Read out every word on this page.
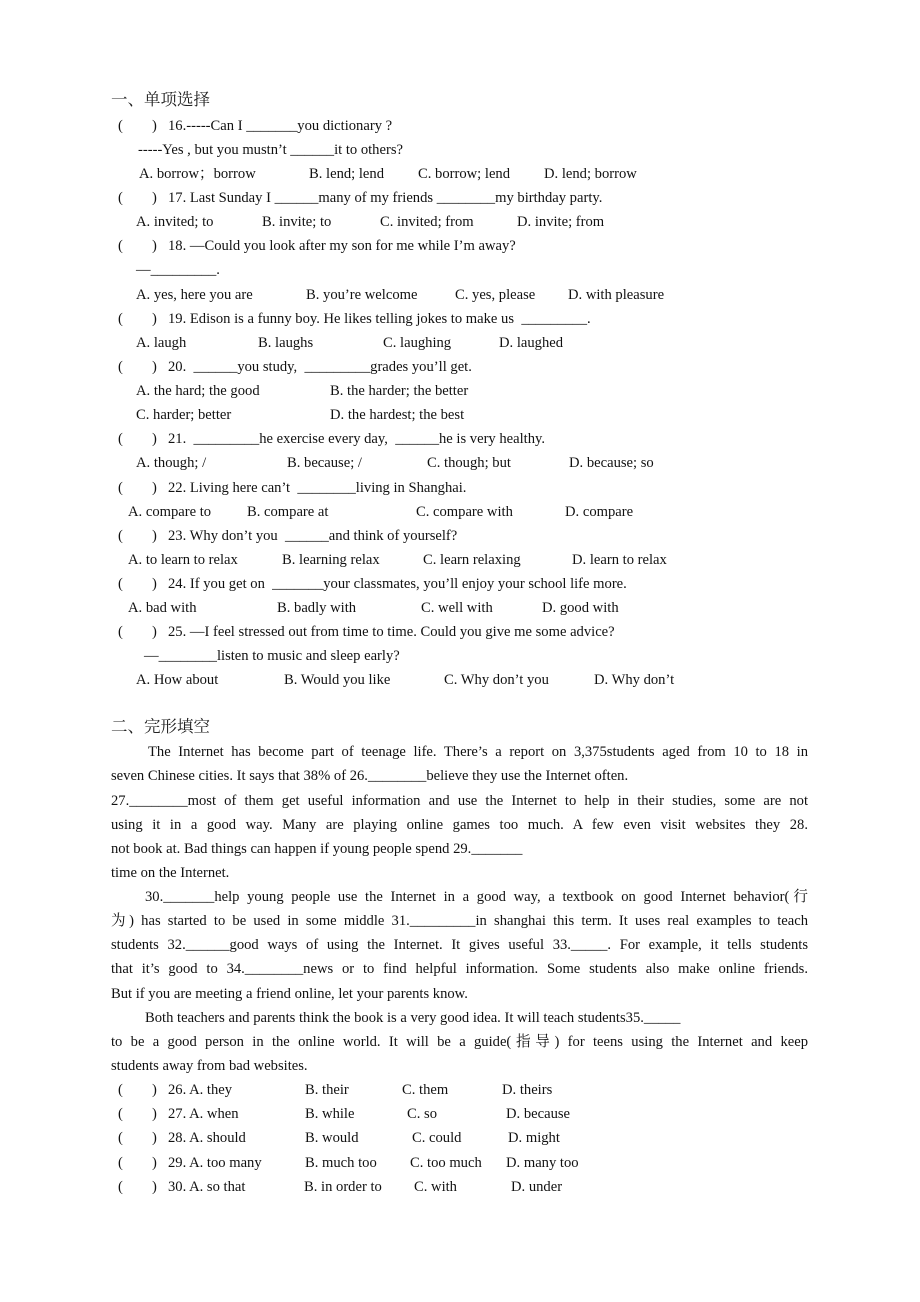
一、单项选择
( ) 16.-----Can I _______you dictionary ?
-----Yes , but you mustn’t ______it to others?
A. borrow；borrow	B. lend; lend C. borrow; lend D. lend; borrow
( ) 17. Last Sunday I ______many of my friends ________my birthday party.
A. invited; to	B. invite; to	C. invited; from	D. invite; from
( ) 18. —Could you look after my son for me while I’m away?
—_________.
A. yes, here you are	B. you’re welcome	C. yes, please D. with pleasure
( ) 19. Edison is a funny boy. He likes telling jokes to make us  _________.
A. laugh	B. laughs	C. laughing	D. laughed
( ) 20.  ______you study,  _________grades you’ll get.
A. the hard; the good	B. the harder; the better
C. harder; better	D. the hardest; the best
( ) 21.  _________he exercise every day,  ______he is very healthy.
A. though; /	B. because; /	C. though; but	D. because; so
( ) 22. Living here can’t  ________living in Shanghai.
A. compare to B. compare at	C. compare with	D. compare
( ) 23. Why don’t you  ______and think of yourself?
A. to learn to relax	B. learning relax	C. learn relaxing	D. learn to relax
( ) 24. If you get on  _______your classmates, you’ll enjoy your school life more.
A. bad with	B. badly with	C. well with	D. good with
( ) 25. —I feel stressed out from time to time. Could you give me some advice?
—________listen to music and sleep early?
A. How about	B. Would you like	C. Why don’t you	D. Why don’t
二、完形填空
The Internet has become part of teenage life. There’s a report on 3,375students aged from 10 to 18 in
seven Chinese cities. It says that 38% of 26.________believe they use the Internet often.
27.________most of them get useful information and use the Internet to help in their studies, some are not
using it in a good way. Many are playing online games too much. A few even visit websites they 28.
not book at. Bad things can happen if young people spend 29._______
time on the Internet.
30._______help young people use the Internet in a good way, a textbook on good Internet behavior(行
为) has started to be used in some middle 31._________in shanghai this term. It uses real examples to teach
students 32.______good ways of using the Internet. It gives useful 33._____. For example, it tells students
that it’s good to 34.________news or to find helpful information. Some students also make online friends.
But if you are meeting a friend online, let your parents know.
Both teachers and parents think the book is a very good idea. It will teach students35._____
to be a good person in the online world. It will be a guide(指导) for teens using the Internet and keep
students away from bad websites.
( ) 26. A. they	B. their	C. them	D. theirs
( ) 27. A. when	B. while	C. so	D. because
( ) 28. A. should	B. would	C. could	D. might
( ) 29. A. too many	B. much too C. too much D. many too
( ) 30. A. so that	B. in order to C. with	D. under
